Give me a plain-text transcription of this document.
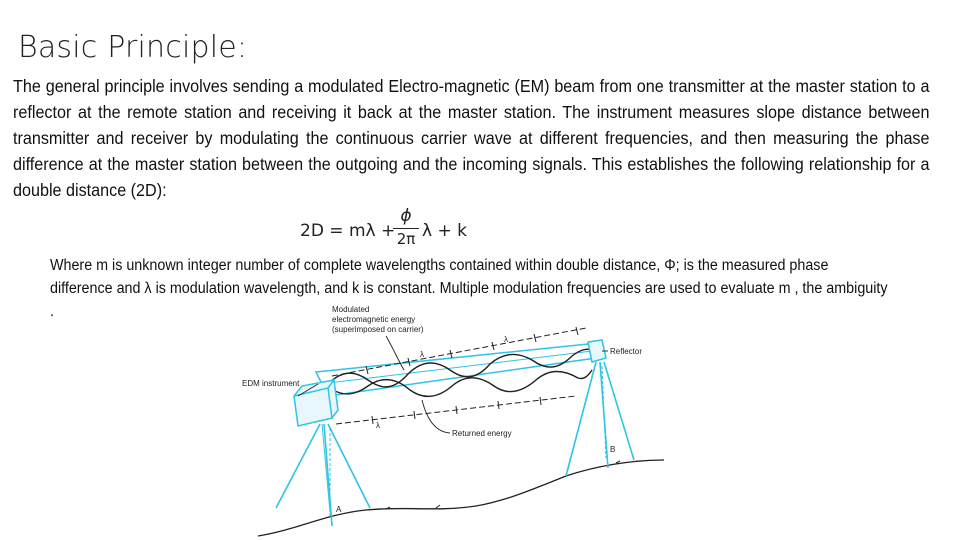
Basic Principle:
The general principle involves sending a modulated Electro-magnetic (EM) beam from one transmitter at the master station to a reflector at the remote station and receiving it back at the master station. The instrument measures slope distance between transmitter and receiver by modulating the continuous carrier wave at different frequencies, and then measuring the phase difference at the master station between the outgoing and the incoming signals. This establishes the following relationship for a double distance (2D):
2D = mλ +
ϕ
2π λ + k
Where m is unknown integer number of complete wavelengths contained within double distance, Φ; is the measured phase difference and λ is modulation wavelength, and k is constant. Multiple modulation frequencies are used to evaluate m , the ambiguity .
λ
λ
λ
A
B
Modulated
electromagnetic energy
(superimposed on carrier)
Reflector
EDM instrument
Returned energy
